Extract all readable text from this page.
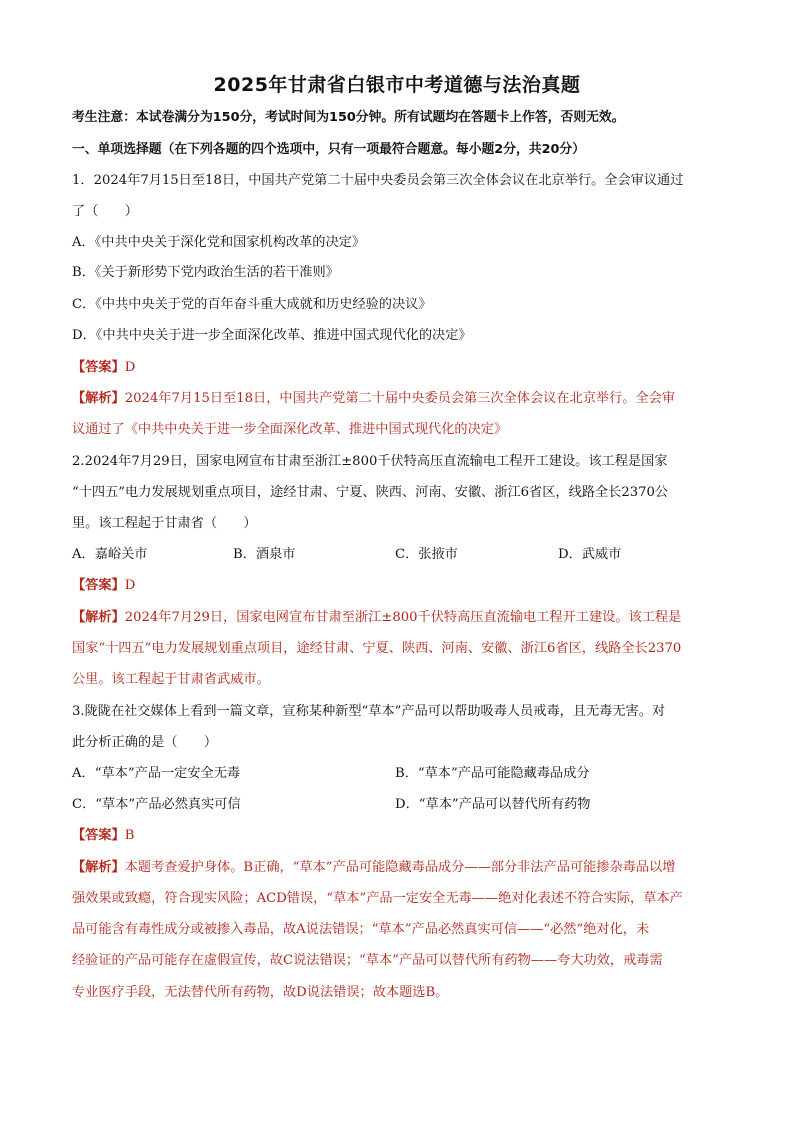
2025年甘肃省白银市中考道德与法治真题
考生注意：本试卷满分为150分，考试时间为150分钟。所有试题均在答题卡上作答，否则无效。
一、单项选择题（在下列各题的四个选项中，只有一项最符合题意。每小题2分，共20分）
1．2024年7月15日至18日，中国共产党第二十届中央委员会第三次全体会议在北京举行。全会审议通过
了（　　）
A．《中共中央关于深化党和国家机构改革的决定》
B．《关于新形势下党内政治生活的若干准则》
C．《中共中央关于党的百年奋斗重大成就和历史经验的决议》
D．《中共中央关于进一步全面深化改革、推进中国式现代化的决定》
【答案】D
【解析】2024年7月15日至18日，中国共产党第二十届中央委员会第三次全体会议在北京举行。全会审
议通过了《中共中央关于进一步全面深化改革、推进中国式现代化的决定》
2.2024年7月29日，国家电网宣布甘肃至浙江±800千伏特高压直流输电工程开工建设。该工程是国家
“十四五”电力发展规划重点项目，途经甘肃、宁夏、陕西、河南、安徽、浙江6省区，线路全长2370公
里。该工程起于甘肃省（　　）
A．嘉峪关市	B．酒泉市	C．张掖市	D．武威市
【答案】D
【解析】2024年7月29日，国家电网宣布甘肃至浙江±800千伏特高压直流输电工程开工建设。该工程是
国家“十四五”电力发展规划重点项目，途经甘肃、宁夏、陕西、河南、安徽、浙江6省区，线路全长2370
公里。该工程起于甘肃省武威市。
3.陇陇在社交媒体上看到一篇文章，宣称某种新型“草本”产品可以帮助吸毒人员戒毒，且无毒无害。对
此分析正确的是（　　）
A．“草本”产品一定安全无毒	B．“草本”产品可能隐藏毒品成分
C．“草本”产品必然真实可信	D．“草本”产品可以替代所有药物
【答案】B
【解析】本题考查爱护身体。B正确，“草本”产品可能隐藏毒品成分——部分非法产品可能掺杂毒品以增
强效果或致瘾，符合现实风险；ACD错误，“草本”产品一定安全无毒——绝对化表述不符合实际，草本产
品可能含有毒性成分或被掺入毒品，故A说法错误；“草本”产品必然真实可信——“必然”绝对化，未
经验证的产品可能存在虚假宣传，故C说法错误；“草本”产品可以替代所有药物——夸大功效，戒毒需
专业医疗手段，无法替代所有药物，故D说法错误；故本题选B。
